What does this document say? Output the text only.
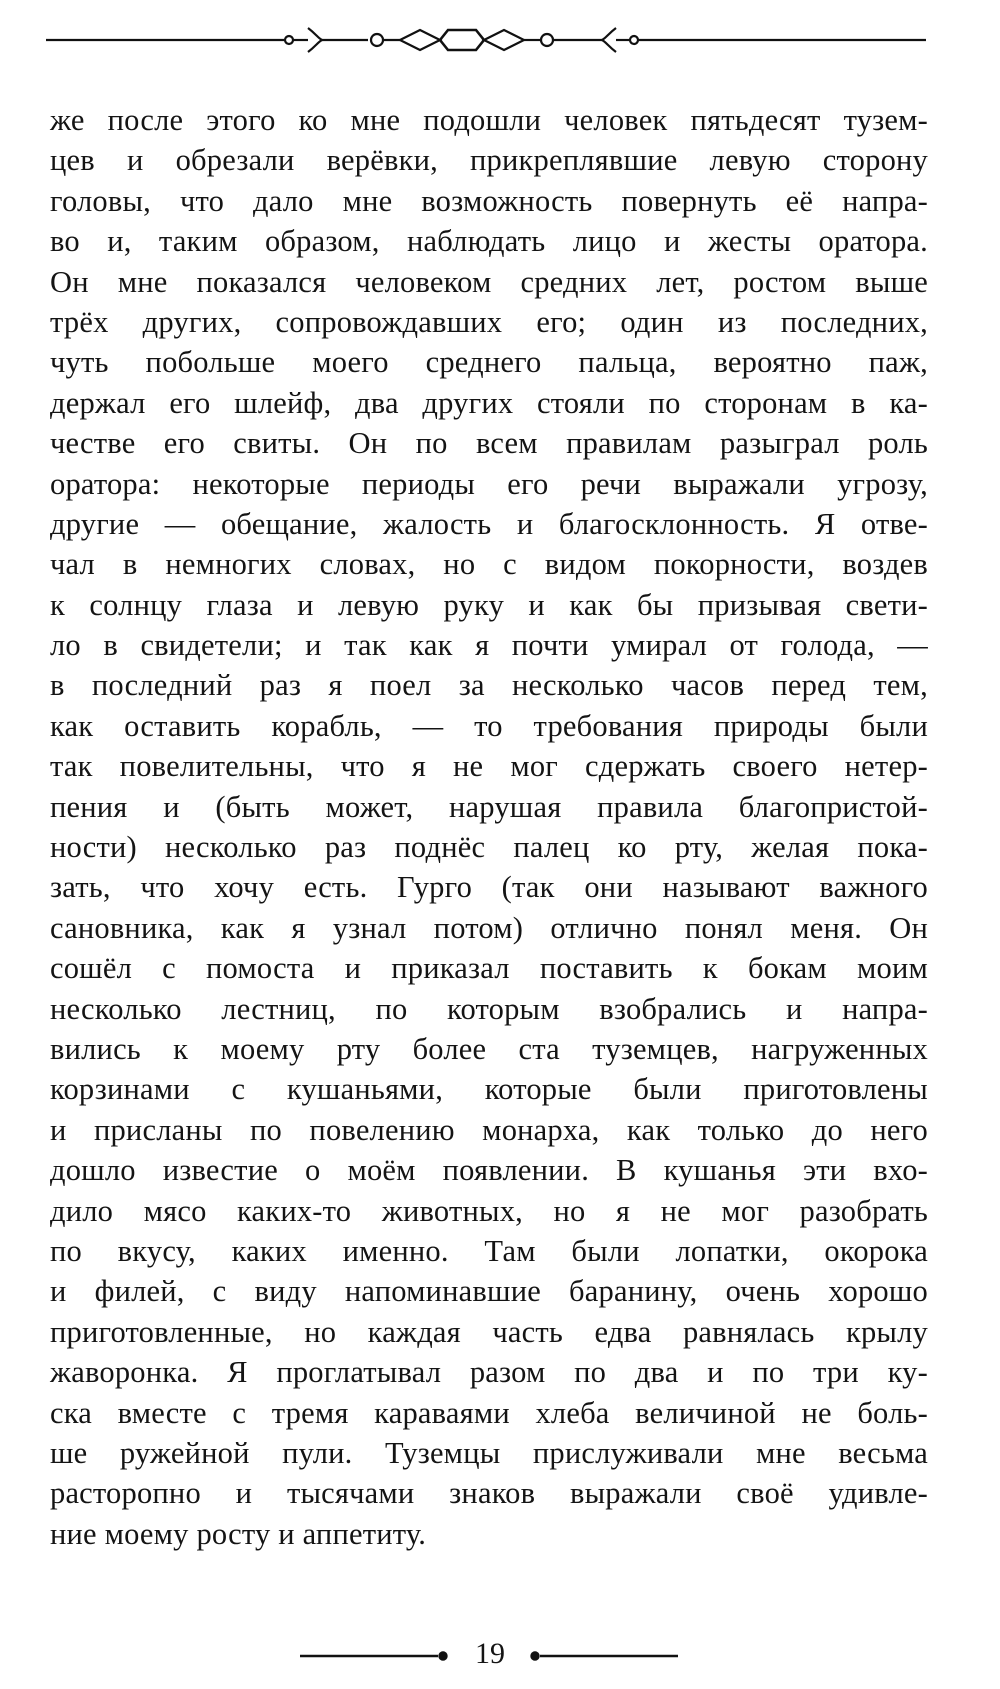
же после этого ко мне подошли человек пятьдесят тузем-
цев и обрезали верёвки, прикреплявшие левую сторону
головы, что дало мне возможность повернуть её напра-
во и, таким образом, наблюдать лицо и жесты оратора.
Он мне показался человеком средних лет, ростом выше
трёх других, сопровождавших его; один из последних,
чуть побольше моего среднего пальца, вероятно паж,
держал его шлейф, два других стояли по сторонам в ка-
честве его свиты. Он по всем правилам разыграл роль
оратора: некоторые периоды его речи выражали угрозу,
другие — обещание, жалость и благосклонность. Я отве-
чал в немногих словах, но с видом покорности, воздев
к солнцу глаза и левую руку и как бы призывая свети-
ло в свидетели; и так как я почти умирал от голода, —
в последний раз я поел за несколько часов перед тем,
как оставить корабль, — то требования природы были
так повелительны, что я не мог сдержать своего нетер-
пения и (быть может, нарушая правила благопристой-
ности) несколько раз поднёс палец ко рту, желая пока-
зать, что хочу есть. Гурго (так они называют важного
сановника, как я узнал потом) отлично понял меня. Он
сошёл с помоста и приказал поставить к бокам моим
несколько лестниц, по которым взобрались и напра-
вились к моему рту более ста туземцев, нагруженных
корзинами с кушаньями, которые были приготовлены
и присланы по повелению монарха, как только до него
дошло известие о моём появлении. В кушанья эти вхо-
дило мясо каких-то животных, но я не мог разобрать
по вкусу, каких именно. Там были лопатки, окорока
и филей, с виду напоминавшие баранину, очень хорошо
приготовленные, но каждая часть едва равнялась крылу
жаворонка. Я проглатывал разом по два и по три ку-
ска вместе с тремя караваями хлеба величиной не боль-
ше ружейной пули. Туземцы прислуживали мне весьма
расторопно и тысячами знаков выражали своё удивле-
ние моему росту и аппетиту.
19
